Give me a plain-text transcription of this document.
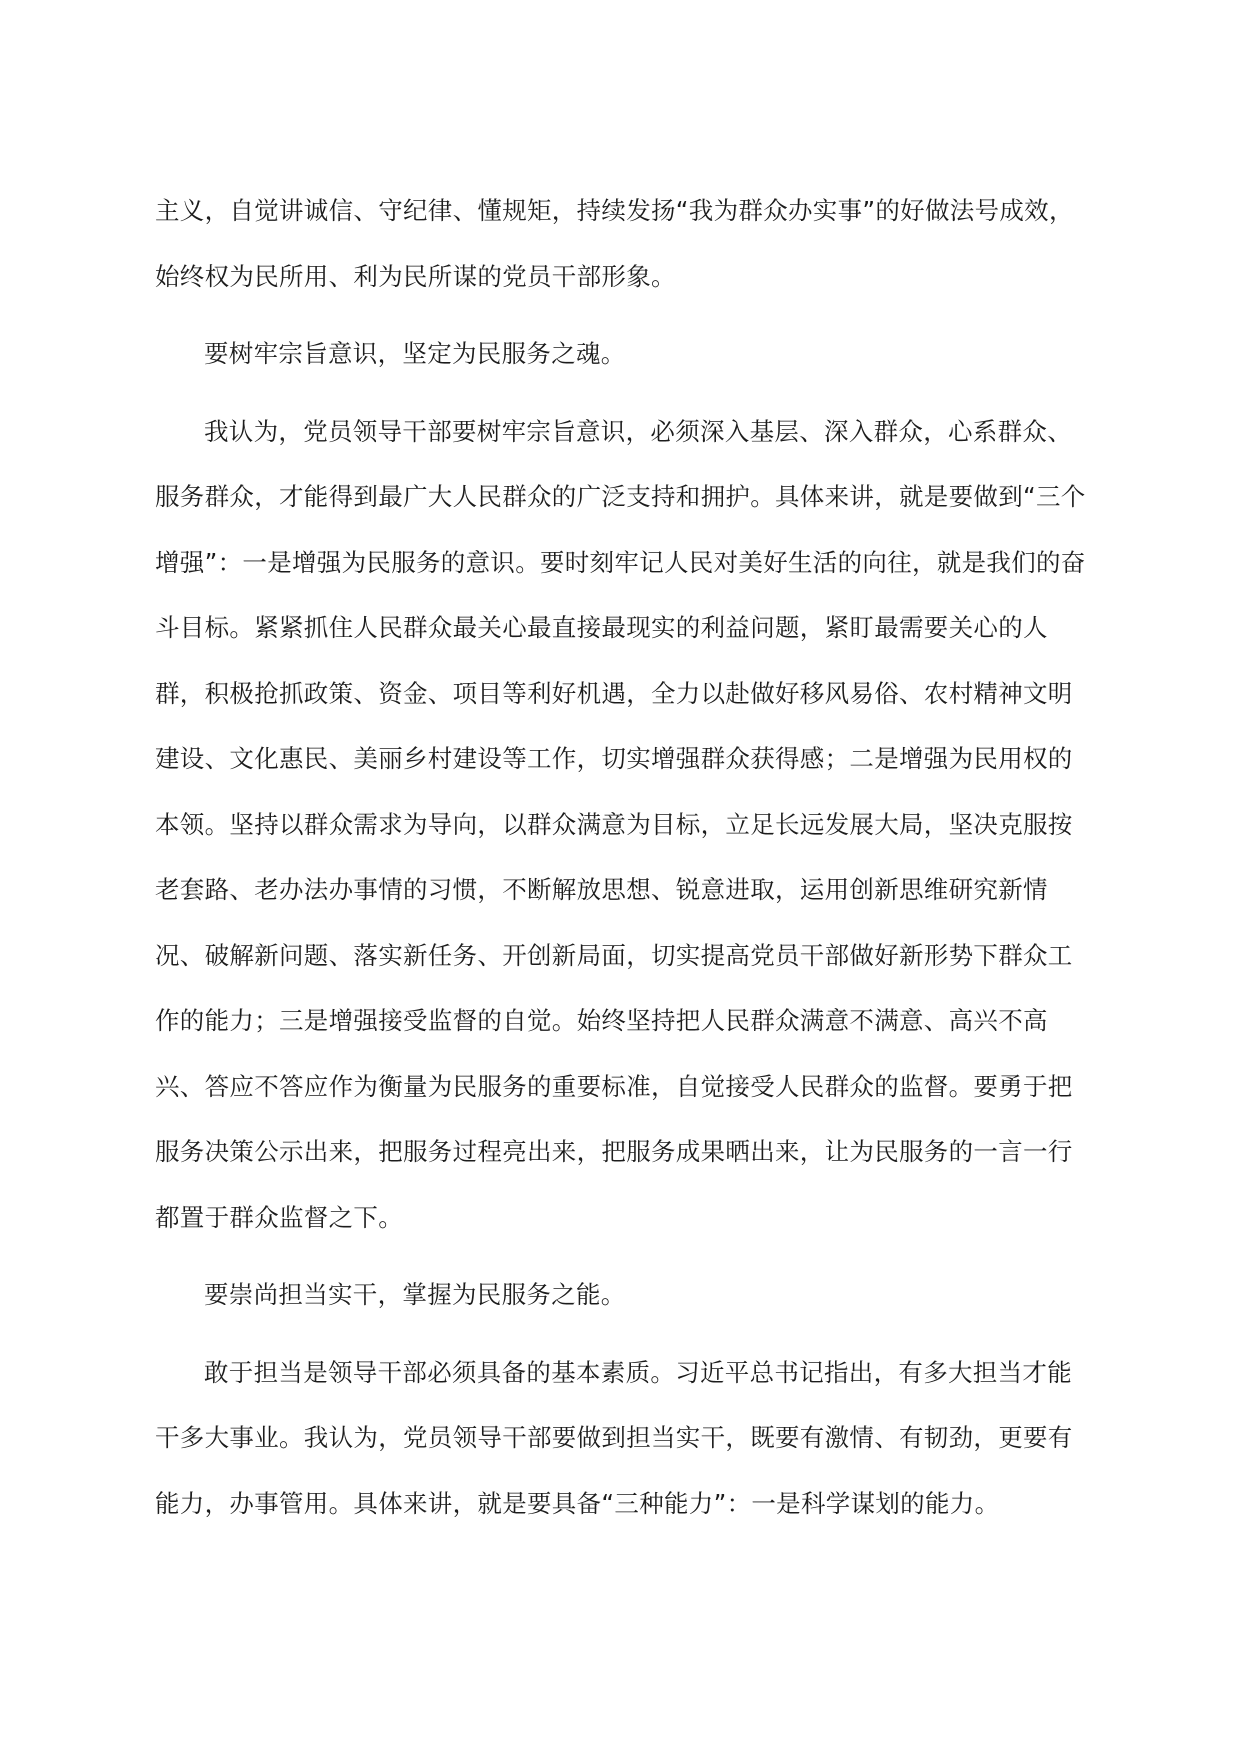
主义，自觉讲诚信、守纪律、懂规矩，持续发扬“我为群众办实事”的好做法号成效，始终权为民所用、利为民所谋的党员干部形象。

要树牢宗旨意识，坚定为民服务之魂。

我认为，党员领导干部要树牢宗旨意识，必须深入基层、深入群众，心系群众、服务群众，才能得到最广大人民群众的广泛支持和拥护。具体来讲，就是要做到“三个增强”：一是增强为民服务的意识。要时刻牢记人民对美好生活的向往，就是我们的奋斗目标。紧紧抓住人民群众最关心最直接最现实的利益问题，紧盯最需要关心的人群，积极抢抓政策、资金、项目等利好机遇，全力以赴做好移风易俗、农村精神文明建设、文化惠民、美丽乡村建设等工作，切实增强群众获得感；二是增强为民用权的本领。坚持以群众需求为导向，以群众满意为目标，立足长远发展大局，坚决克服按老套路、老办法办事情的习惯，不断解放思想、锐意进取，运用创新思维研究新情况、破解新问题、落实新任务、开创新局面，切实提高党员干部做好新形势下群众工作的能力；三是增强接受监督的自觉。始终坚持把人民群众满意不满意、高兴不高兴、答应不答应作为衡量为民服务的重要标准，自觉接受人民群众的监督。要勇于把服务决策公示出来，把服务过程亮出来，把服务成果晒出来，让为民服务的一言一行都置于群众监督之下。

要崇尚担当实干，掌握为民服务之能。

敢于担当是领导干部必须具备的基本素质。习近平总书记指出，有多大担当才能干多大事业。我认为，党员领导干部要做到担当实干，既要有激情、有韧劲，更要有能力，办事管用。具体来讲，就是要具备“三种能力”：一是科学谋划的能力。
